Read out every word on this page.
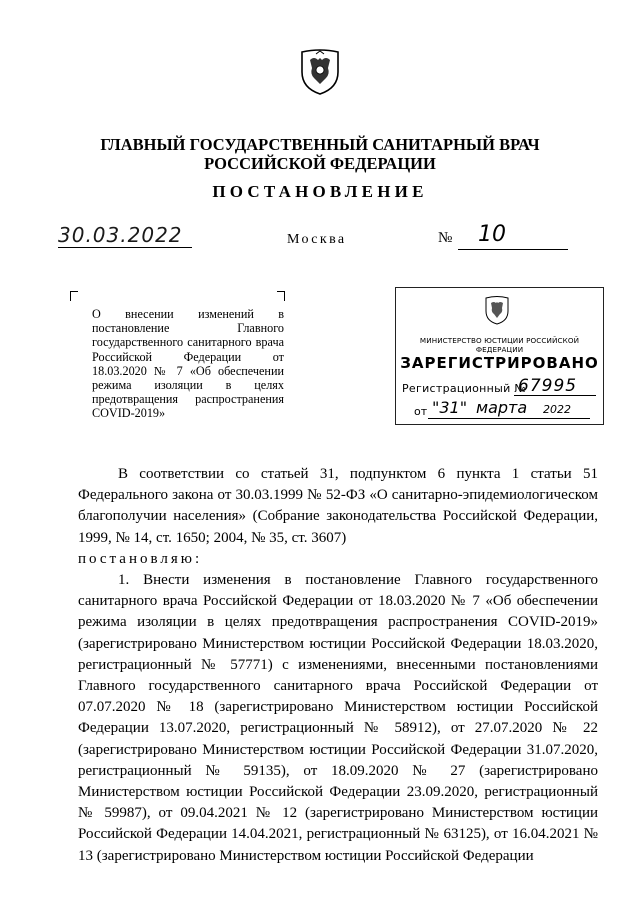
ГЛАВНЫЙ ГОСУДАРСТВЕННЫЙ САНИТАРНЫЙ ВРАЧ
РОССИЙСКОЙ ФЕДЕРАЦИИ
ПОСТАНОВЛЕНИЕ
30.03.2022	Москва	№ 10
О внесении изменений в постановление Главного государственного санитарного врача Российской Федерации от 18.03.2020 № 7 «Об обеспечении режима изоляции в целях предотвращения распространения COVID-2019»
МИНИСТЕРСТВО ЮСТИЦИИ РОССИЙСКОЙ ФЕДЕРАЦИИ
ЗАРЕГИСТРИРОВАНО
Регистрационный №
67995
от "31" марта 2022

В соответствии со статьей 31, подпунктом 6 пункта 1 статьи 51 Федерального закона от 30.03.1999 № 52-ФЗ «О санитарно-эпидемиологическом благополучии населения» (Собрание законодательства Российской Федерации, 1999, № 14, ст. 1650; 2004, № 35, ст. 3607)

постановляю:

1. Внести изменения в постановление Главного государственного санитарного врача Российской Федерации от 18.03.2020 № 7 «Об обеспечении режима изоляции в целях предотвращения распространения COVID-2019» (зарегистрировано Министерством юстиции Российской Федерации 18.03.2020, регистрационный № 57771) с изменениями, внесенными постановлениями Главного государственного санитарного врача Российской Федерации от 07.07.2020 № 18 (зарегистрировано Министерством юстиции Российской Федерации 13.07.2020, регистрационный № 58912), от 27.07.2020 № 22 (зарегистрировано Министерством юстиции Российской Федерации 31.07.2020, регистрационный № 59135), от 18.09.2020 № 27 (зарегистрировано Министерством юстиции Российской Федерации 23.09.2020, регистрационный № 59987), от 09.04.2021 № 12 (зарегистрировано Министерством юстиции Российской Федерации 14.04.2021, регистрационный № 63125), от 16.04.2021 № 13 (зарегистрировано Министерством юстиции Российской Федерации
